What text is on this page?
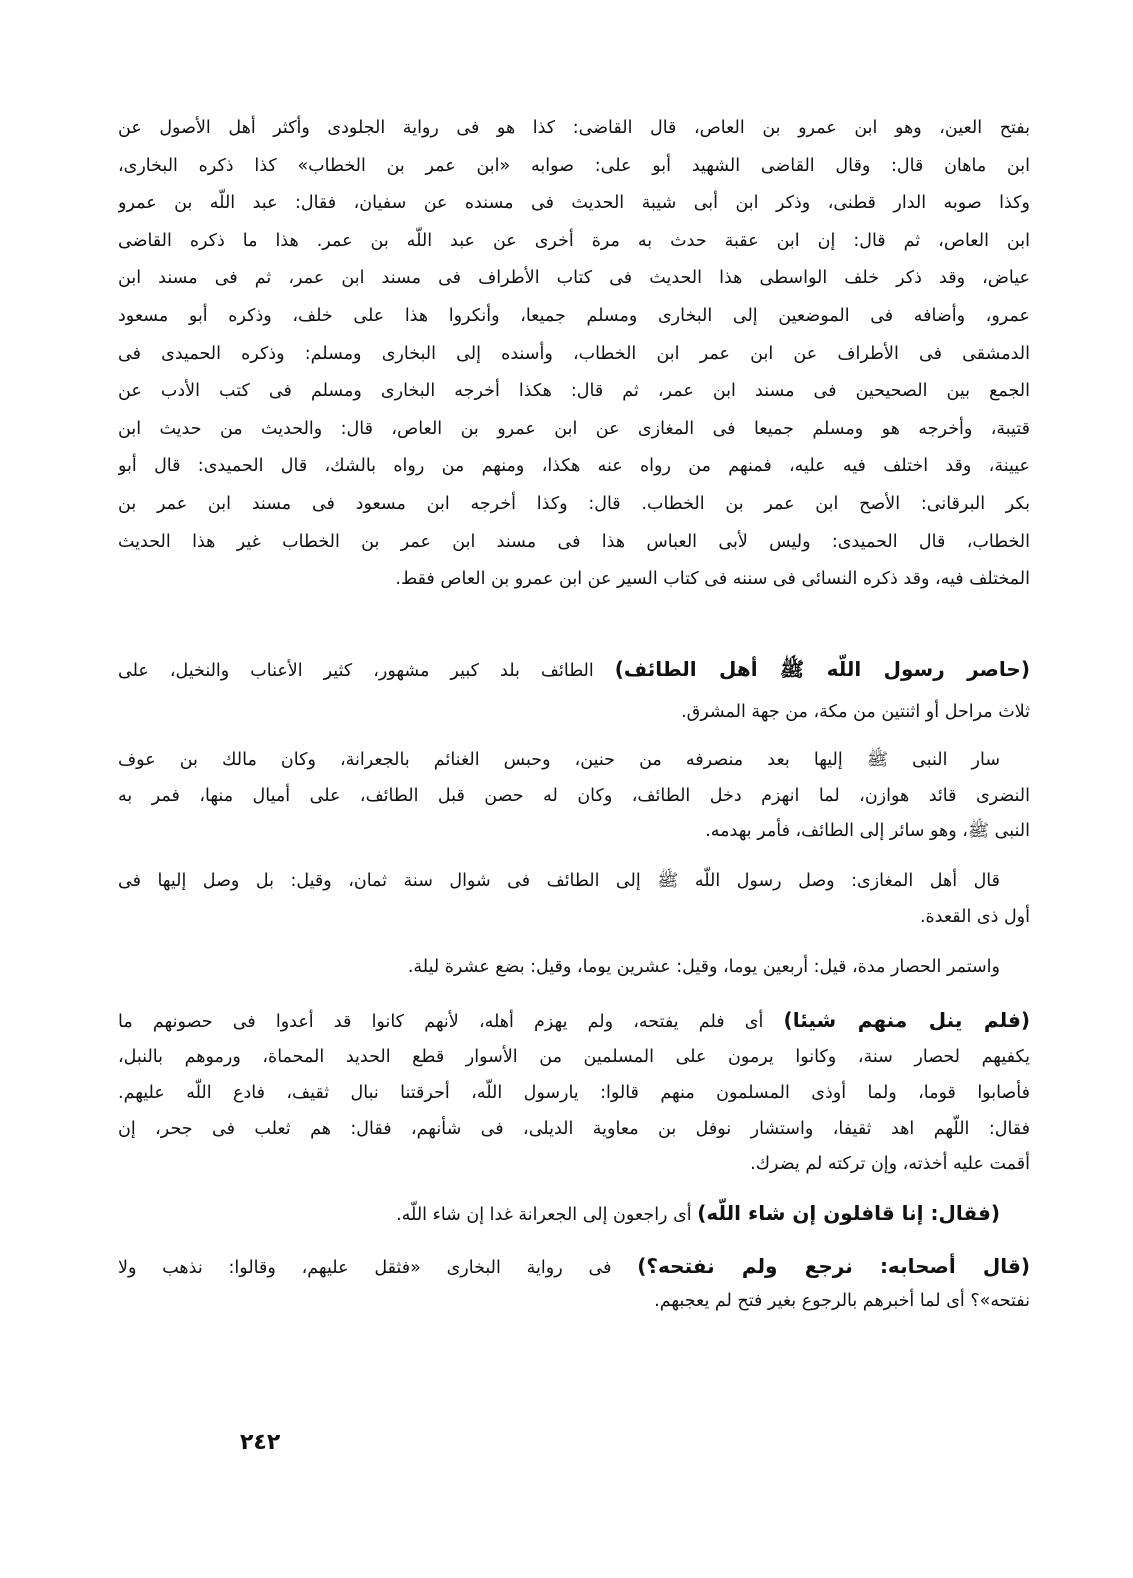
٢٤٢
بفتح العين، وهو ابن عمرو بن العاص، قال القاضى: كذا هو فى رواية الجلودى وأكثر أهل الأصول عن
ابن ماهان قال: وقال القاضى الشهيد أبو على: صوابه «ابن عمر بن الخطاب» كذا ذكره البخارى،
وكذا صوبه الدار قطنى، وذكر ابن أبى شيبة الحديث فى مسنده عن سفيان، فقال: عبد اللّه بن عمرو
ابن العاص، ثم قال: إن ابن عقبة حدث به مرة أخرى عن عبد اللّه بن عمر. هذا ما ذكره القاضى
عياض، وقد ذكر خلف الواسطى هذا الحديث فى كتاب الأطراف فى مسند ابن عمر، ثم فى مسند ابن
عمرو، وأضافه فى الموضعين إلى البخارى ومسلم جميعا، وأنكروا هذا على خلف، وذكره أبو مسعود
الدمشقى فى الأطراف عن ابن عمر ابن الخطاب، وأسنده إلى البخارى ومسلم: وذكره الحميدى فى
الجمع بين الصحيحين فى مسند ابن عمر، ثم قال: هكذا أخرجه البخارى ومسلم فى كتب الأدب عن
قتيبة، وأخرجه هو ومسلم جميعا فى المغازى عن ابن عمرو بن العاص، قال: والحديث من حديث ابن
عيينة، وقد اختلف فيه عليه، فمنهم من رواه عنه هكذا، ومنهم من رواه بالشك، قال الحميدى: قال أبو
بكر البرقانى: الأصح ابن عمر بن الخطاب. قال: وكذا أخرجه ابن مسعود فى مسند ابن عمر بن
الخطاب، قال الحميدى: وليس لأبى العباس هذا فى مسند ابن عمر بن الخطاب غير هذا الحديث
المختلف فيه، وقد ذكره النسائى فى سننه فى كتاب السير عن ابن عمرو بن العاص فقط.
(حاصر رسول اللّه ﷺ أهل الطائف) الطائف بلد كبير مشهور، كثير الأعناب والنخيل، على
ثلاث مراحل أو اثنتين من مكة، من جهة المشرق.
سار النبى ﷺ إليها بعد منصرفه من حنين، وحبس الغنائم بالجعرانة، وكان مالك بن عوف
النضرى قائد هوازن، لما انهزم دخل الطائف، وكان له حصن قبل الطائف، على أميال منها، فمر به
النبى ﷺ، وهو سائر إلى الطائف، فأمر بهدمه.
قال أهل المغازى: وصل رسول اللّه ﷺ إلى الطائف فى شوال سنة ثمان، وقيل: بل وصل إليها فى
أول ذى القعدة.
واستمر الحصار مدة، قيل: أربعين يوما، وقيل: عشرين يوما، وقيل: بضع عشرة ليلة.
(فلم ينل منهم شيئا) أى فلم يفتحه، ولم يهزم أهله، لأنهم كانوا قد أعدوا فى حصونهم ما
يكفيهم لحصار سنة، وكانوا يرمون على المسلمين من الأسوار قطع الحديد المحماة، ورموهم بالنبل،
فأصابوا قوما، ولما أوذى المسلمون منهم قالوا: يارسول اللّه، أحرقتنا نبال ثقيف، فادع اللّه عليهم.
فقال: اللّهم اهد ثقيفا، واستشار نوفل بن معاوية الديلى، فى شأنهم، فقال: هم ثعلب فى جحر، إن
أقمت عليه أخذته، وإن تركته لم يضرك.
(فقال: إنا قافلون إن شاء اللّه) أى راجعون إلى الجعرانة غدا إن شاء اللّه.
(قال أصحابه: نرجع ولم نفتحه؟) فى رواية البخارى «فثقل عليهم، وقالوا: نذهب ولا
نفتحه»؟ أى لما أخبرهم بالرجوع بغير فتح لم يعجبهم.
